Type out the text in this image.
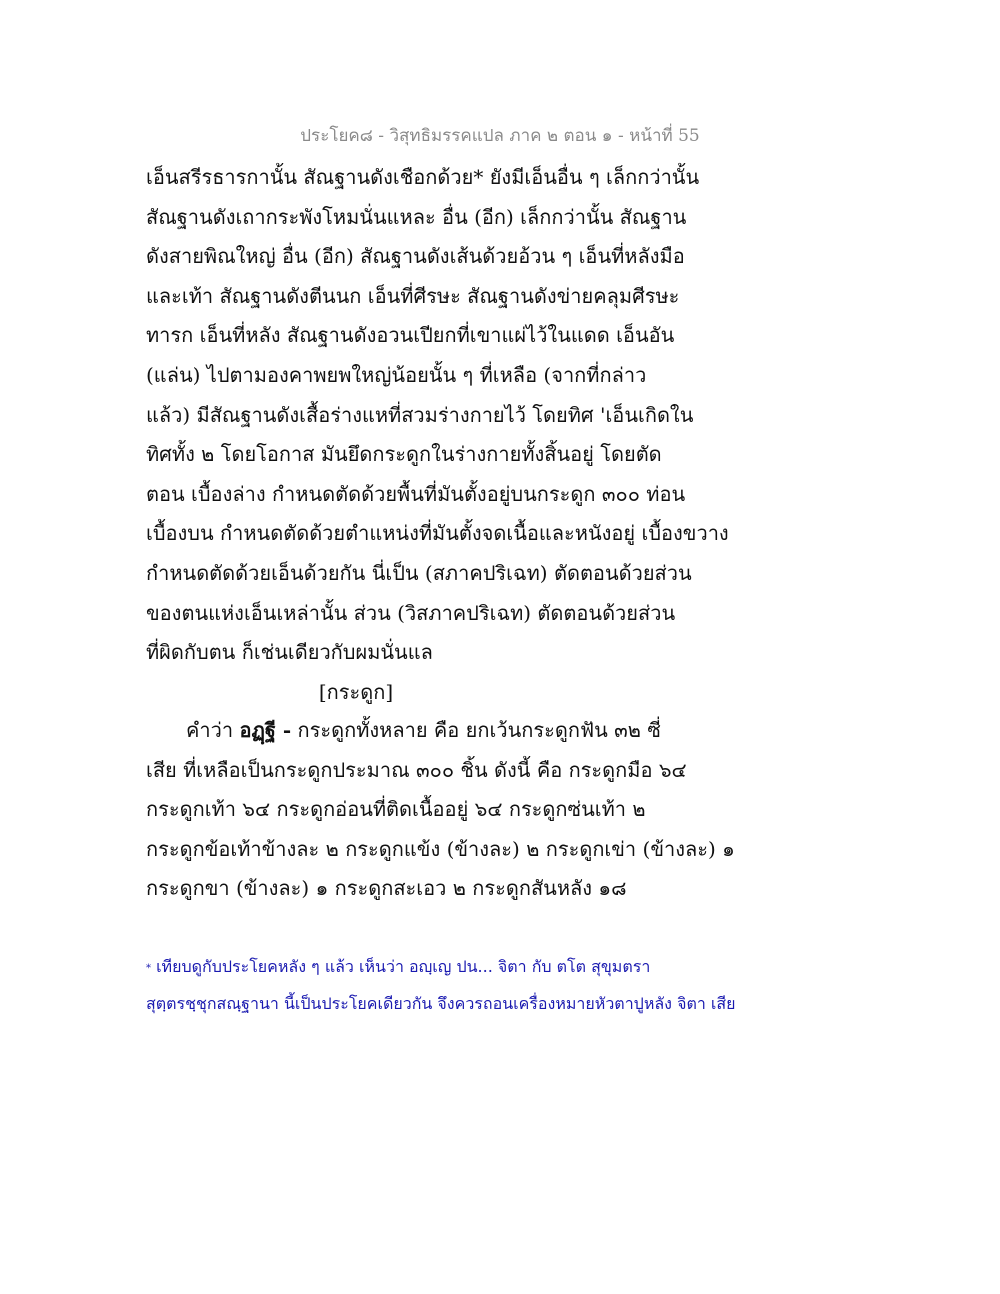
ประโยค๘ - วิสุทธิมรรคแปล ภาค ๒ ตอน ๑ - หน้าที่ 55
เอ็นสรีรธารกานั้น สัณฐานดังเชือกด้วย* ยังมีเอ็นอื่น ๆ เล็กกว่านั้น
สัณฐานดังเถากระพังโหมนั่นแหละ อื่น (อีก) เล็กกว่านั้น สัณฐาน
ดังสายพิณใหญ่ อื่น (อีก) สัณฐานดังเส้นด้วยอ้วน ๆ เอ็นที่หลังมือ
และเท้า สัณฐานดังตีนนก เอ็นที่ศีรษะ สัณฐานดังข่ายคลุมศีรษะ
ทารก เอ็นที่หลัง สัณฐานดังอวนเปียกที่เขาแผ่ไว้ในแดด เอ็นอัน
(แล่น) ไปตามองคาพยพใหญ่น้อยนั้น ๆ ที่เหลือ (จากที่กล่าว
แล้ว) มีสัณฐานดังเสื้อร่างแหที่สวมร่างกายไว้ โดยทิศ 'เอ็นเกิดใน
ทิศทั้ง ๒ โดยโอกาส มันยึดกระดูกในร่างกายทั้งสิ้นอยู่ โดยตัด
ตอน เบื้องล่าง กำหนดตัดด้วยพื้นที่มันตั้งอยู่บนกระดูก ๓๐๐ ท่อน
เบื้องบน กำหนดตัดด้วยตำแหน่งที่มันตั้งจดเนื้อและหนังอยู่ เบื้องขวาง
กำหนดตัดด้วยเอ็นด้วยกัน นี่เป็น (สภาคปริเฉท) ตัดตอนด้วยส่วน
ของตนแห่งเอ็นเหล่านั้น ส่วน (วิสภาคปริเฉท) ตัดตอนด้วยส่วน
ที่ผิดกับตน ก็เช่นเดียวกับผมนั่นแล
[กระดูก]
คำว่า อฏฺฐี - กระดูกทั้งหลาย คือ ยกเว้นกระดูกฟัน ๓๒ ซี่
เสีย ที่เหลือเป็นกระดูกประมาณ ๓๐๐ ชิ้น ดังนี้ คือ กระดูกมือ ๖๔
กระดูกเท้า ๖๔ กระดูกอ่อนที่ติดเนื้ออยู่ ๖๔ กระดูกซ่นเท้า ๒
กระดูกข้อเท้าข้างละ ๒ กระดูกแข้ง (ข้างละ) ๒ กระดูกเข่า (ข้างละ) ๑
กระดูกขา (ข้างละ) ๑ กระดูกสะเอว ๒ กระดูกสันหลัง ๑๘
* เทียบดูกับประโยคหลัง ๆ แล้ว เห็นว่า อญฺเญ ปน... จิตา กับ ตโต สุขุมตรา
สุตฺตรชฺชุกสณฺฐานา นี้เป็นประโยคเดียวกัน จึงควรถอนเครื่องหมายหัวตาปูหลัง จิตา เสีย
